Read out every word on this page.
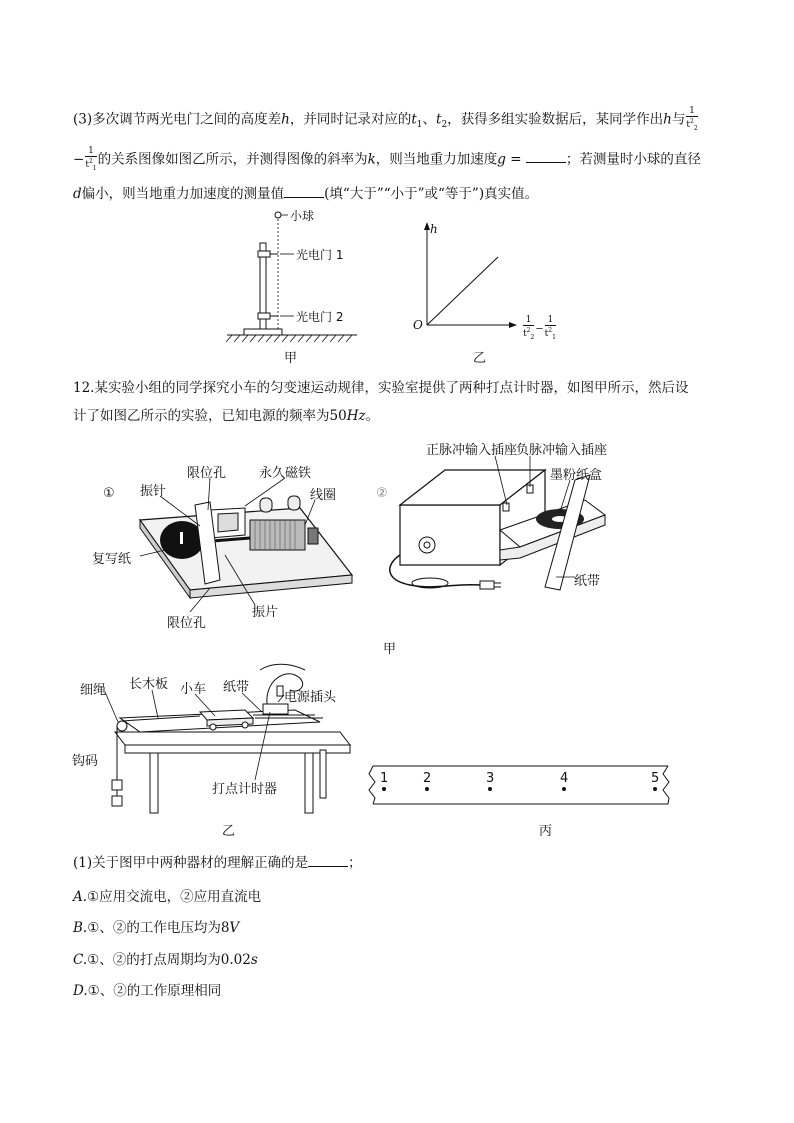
(3)多次调节两光电门之间的高度差h，并同时记录对应的$t_1$、$t_2$，获得多组实验数据后，某同学作出h与 $\frac{1}{t^2_2}$
− $\frac{1}{t^2_1}$ 的关系图像如图乙所示，并测得图像的斜率为k，则当地重力加速度g =	；若测量时小球的直径
d偏小，则当地重力加速度的测量值	(填“大于”“小于”或“等于”)真实值。
小球
光电门 1
光电门 2
甲
h
O	$\frac{1}{t^2_2} - \frac{1}{t^2_1}$
乙
12.某实验小组的同学探究小车的匀变速运动规律，实验室提供了两种打点计时器，如图甲所示，然后设
计了如图乙所示的实验，已知电源的频率为50Hz。
①
限位孔	永久磁铁
振针	线圈
复写纸
振片
限位孔
②
正脉冲输入插座
负脉冲输入插座
墨粉纸盒
纸带
甲
细绳 长木板 小车 纸带
电源插头
钩码
打点计时器
乙
1	2	3	4	5
丙
(1)关于图甲中两种器材的理解正确的是	；
A.①应用交流电，②应用直流电
B.①、②的工作电压均为8V
C.①、②的打点周期均为0.02s
D.①、②的工作原理相同
